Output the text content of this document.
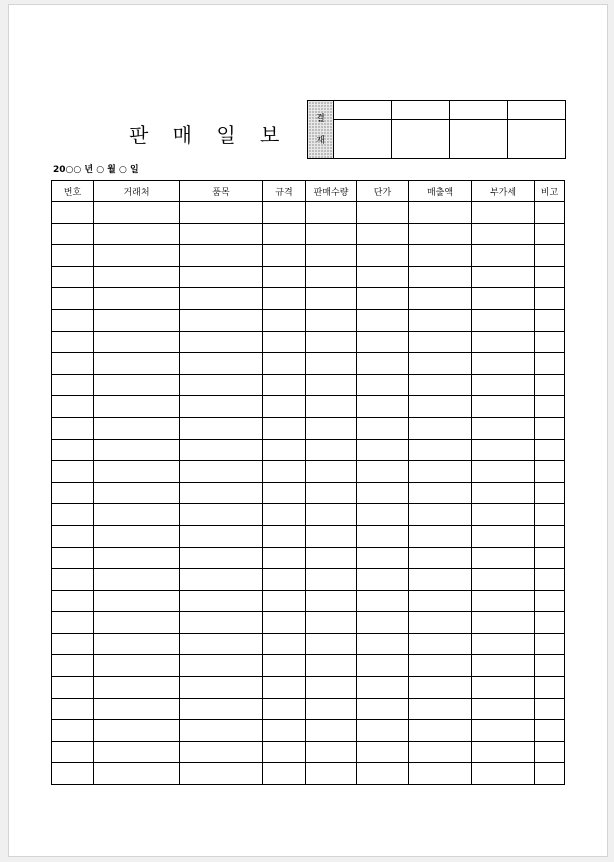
판 매 일 보
결
재				

20○○ 년 ○ 월 ○ 일
번호	거래처	품목	규격	판매수량	단가	매출액	부가세	비고
